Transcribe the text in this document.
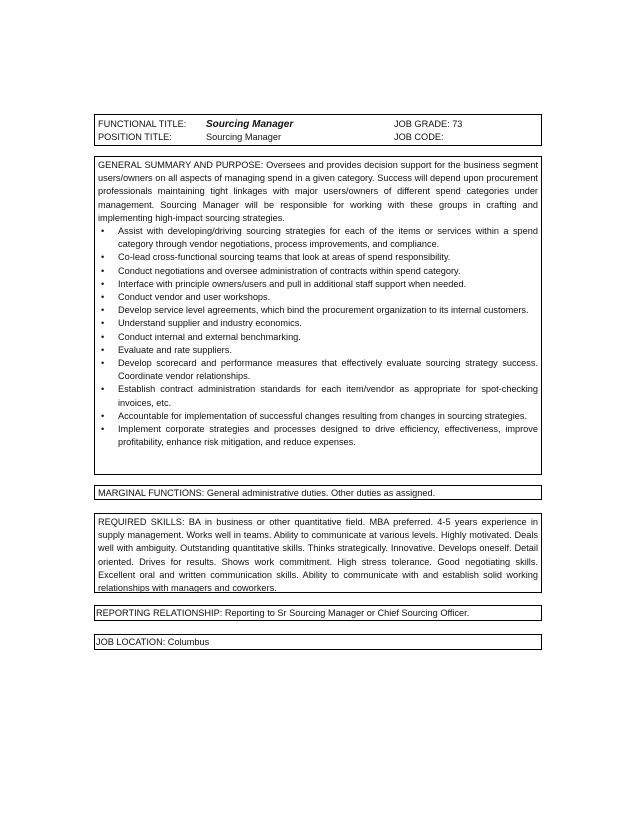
FUNCTIONAL TITLE: Sourcing Manager	JOB GRADE: 73
POSITION TITLE:	Sourcing Manager	JOB CODE:

GENERAL SUMMARY AND PURPOSE: Oversees and provides decision support for the business segment users/owners on all aspects of managing spend in a given category. Success will depend upon procurement professionals maintaining tight linkages with major users/owners of different spend categories under management. Sourcing Manager will be responsible for working with these groups in crafting and implementing high-impact sourcing strategies.

• Assist with developing/driving sourcing strategies for each of the items or services within a spend category through vendor negotiations, process improvements, and compliance.
• Co-lead cross-functional sourcing teams that look at areas of spend responsibility.
• Conduct negotiations and oversee administration of contracts within spend category.
• Interface with principle owners/users and pull in additional staff support when needed.
• Conduct vendor and user workshops.
• Develop service level agreements, which bind the procurement organization to its internal customers.
• Understand supplier and industry economics.
• Conduct internal and external benchmarking.
• Evaluate and rate suppliers.
• Develop scorecard and performance measures that effectively evaluate sourcing strategy success. Coordinate vendor relationships.
• Establish contract administration standards for each item/vendor as appropriate for spot-checking invoices, etc.
• Accountable for implementation of successful changes resulting from changes in sourcing strategies.
• Implement corporate strategies and processes designed to drive efficiency, effectiveness, improve profitability, enhance risk mitigation, and reduce expenses.
MARGINAL FUNCTIONS: General administrative duties. Other duties as assigned.

REQUIRED SKILLS: BA in business or other quantitative field. MBA preferred. 4-5 years experience in supply management. Works well in teams. Ability to communicate at various levels. Highly motivated. Deals well with ambiguity. Outstanding quantitative skills. Thinks strategically. Innovative. Develops oneself. Detail oriented. Drives for results. Shows work commitment. High stress tolerance. Good negotiating skills. Excellent oral and written communication skills. Ability to communicate with and establish solid working relationships with managers and coworkers.

REPORTING RELATIONSHIP: Reporting to Sr Sourcing Manager or Chief Sourcing Officer.
JOB LOCATION: Columbus
